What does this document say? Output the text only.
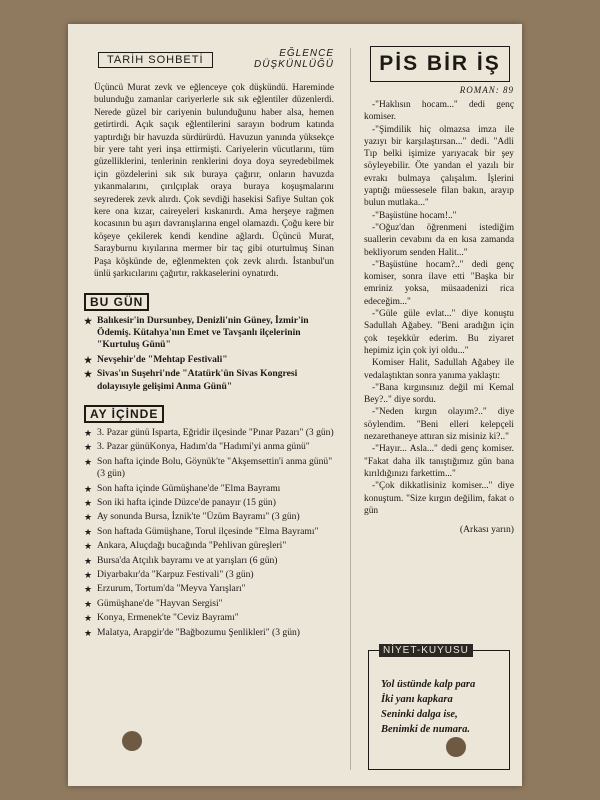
TARİH SOHBETİ
EĞLENCE
DÜŞKÜNLÜĞÜ
Üçüncü Murat zevk ve eğlenceye çok düşkündü. Hareminde bulunduğu zamanlar cariyerlerle sık sık eğlentiler düzenlerdi. Nerede güzel bir cariyenin bulunduğunu haber alsa, hemen getirtirdi. Açık saçık eğlentilerini sarayın bodrum katında yaptırdığı bir havuzda sürdürürdü. Havuzun yanında yüksekçe bir yere taht yeri inşa ettirmişti. Cariyelerin vücutlarını, tüm güzelliklerini, tenlerinin renklerini doya doya seyredebilmek için gözdelerini sık sık buraya çağırır, onların havuzda yıkanmalarını, çırılçıplak oraya buraya koşuşmalarını seyrederek zevk alırdı. Çok sevdiği hasekisi Safiye Sultan çok kere ona kızar, caireyeleri kıskanırdı. Ama herşeye rağmen kocasının bu aşırı davranışlarına engel olamazdı. Çoğu kere bir köşeye çekilerek kendi kendine ağlardı. Üçüncü Murat, Sarayburnu kıyılarına mermer bir taç gibi oturtulmuş Sinan Paşa köşkünde de, eğlenmekten çok zevk alırdı. İstanbul'un ünlü şarkıcılarını çağırtır, rakkaselerini oynatırdı.
BU GÜN
★ Balıkesir'in Dursunbey, Denizli'nin Güney, İzmir'in Ödemiş. Kütahya'nın Emet ve Tavşanlı ilçelerinin "Kurtuluş Günü"
★ Nevşehir'de "Mehtap Festivali"
★ Sivas'ın Suşehri'nde "Atatürk'ün Sivas Kongresi dolayısıyle gelişimi Anma Günü"
AY İÇİNDE
★ 3. Pazar günü Isparta, Eğridir ilçesinde "Pınar Pazarı" (3 gün)
★ 3. Pazar günüKonya, Hadım'da "Hadımi'yi anma günü"
★ Son hafta içinde Bolu, Göynük'te "Akşemsettin'i anma günü" (3 gün)
★ Son hafta içinde Gümüşhane'de "Elma Bayramı
★ Son iki hafta içinde Düzce'de panayır (15 gün)
★ Ay sonunda Bursa, İznik'te "Üzüm Bayramı" (3 gün)
★ Son haftada Gümüşhane, Torul ilçesinde "Elma Bayramı"
★ Ankara, Aluçdağı bucağında "Pehlivan güreşleri"
★ Bursa'da Atçılık bayramı ve at yarışları (6 gün)
★ Diyarbakır'da "Karpuz Festivali" (3 gün)
★ Erzurum, Tortum'da "Meyva Yarışları"
★ Gümüşhane'de "Hayvan Sergisi"
★ Konya, Ermenek'te "Ceviz Bayramı"
★ Malatya, Arapgir'de "Bağbozumu Şenlikleri" (3 gün)
PİS BİR İŞ
ROMAN: 89

-"Haklısın hocam..." dedi genç komiser.

-"Şimdilik hiç olmazsa imza ile yazıyı bir karşılaştırsan..." dedi. "Adli Tıp belki işimize yarıyacak bir şey söyleyebilir. Öte yandan el yazılı bir evrakı bulmaya çalışalım. İşlerini yaptığı müessesele filan bakın, arayıp bulun mutlaka..."

-"Başüstüne hocam!.."

-"Oğuz'dan öğrenmeni istediğim suallerin cevabını da en kısa zamanda bekliyorum senden Halit..."

-"Başüstüne hocam?.." dedi genç komiser, sonra ilave etti "Başka bir emriniz yoksa, müsaadenizi rica edeceğim..."

-"Güle güle evlat..." diye konuştu Sadullah Ağabey. "Beni aradığın için çok teşekkür ederim. Bu ziyaret hepimiz için çok iyi oldu..."

Komiser Halit, Sadullah Ağabey ile vedalaştıktan sonra yanıma yaklaştı:

-"Bana kırgınsınız değil mi Kemal Bey?.." diye sordu.

-"Neden kırgın olayım?.." diye söylendim. "Beni elleri kelepçeli nezarethaneye attıran siz misiniz ki?.."

-"Hayır... Asla..." dedi genç komiser. "Fakat daha ilk tanıştığımız gün bana kırıldığınızı farkettim..."

-"Çok dikkatlisiniz komiser..." diye konuştum. "Size kırgın değilim, fakat o gün

(Arkası yarın)
NİYET-KUYUSU
Yol üstünde kalp para
İki yanı kapkara
Seninki dalga ise,
Benimki de numara.
